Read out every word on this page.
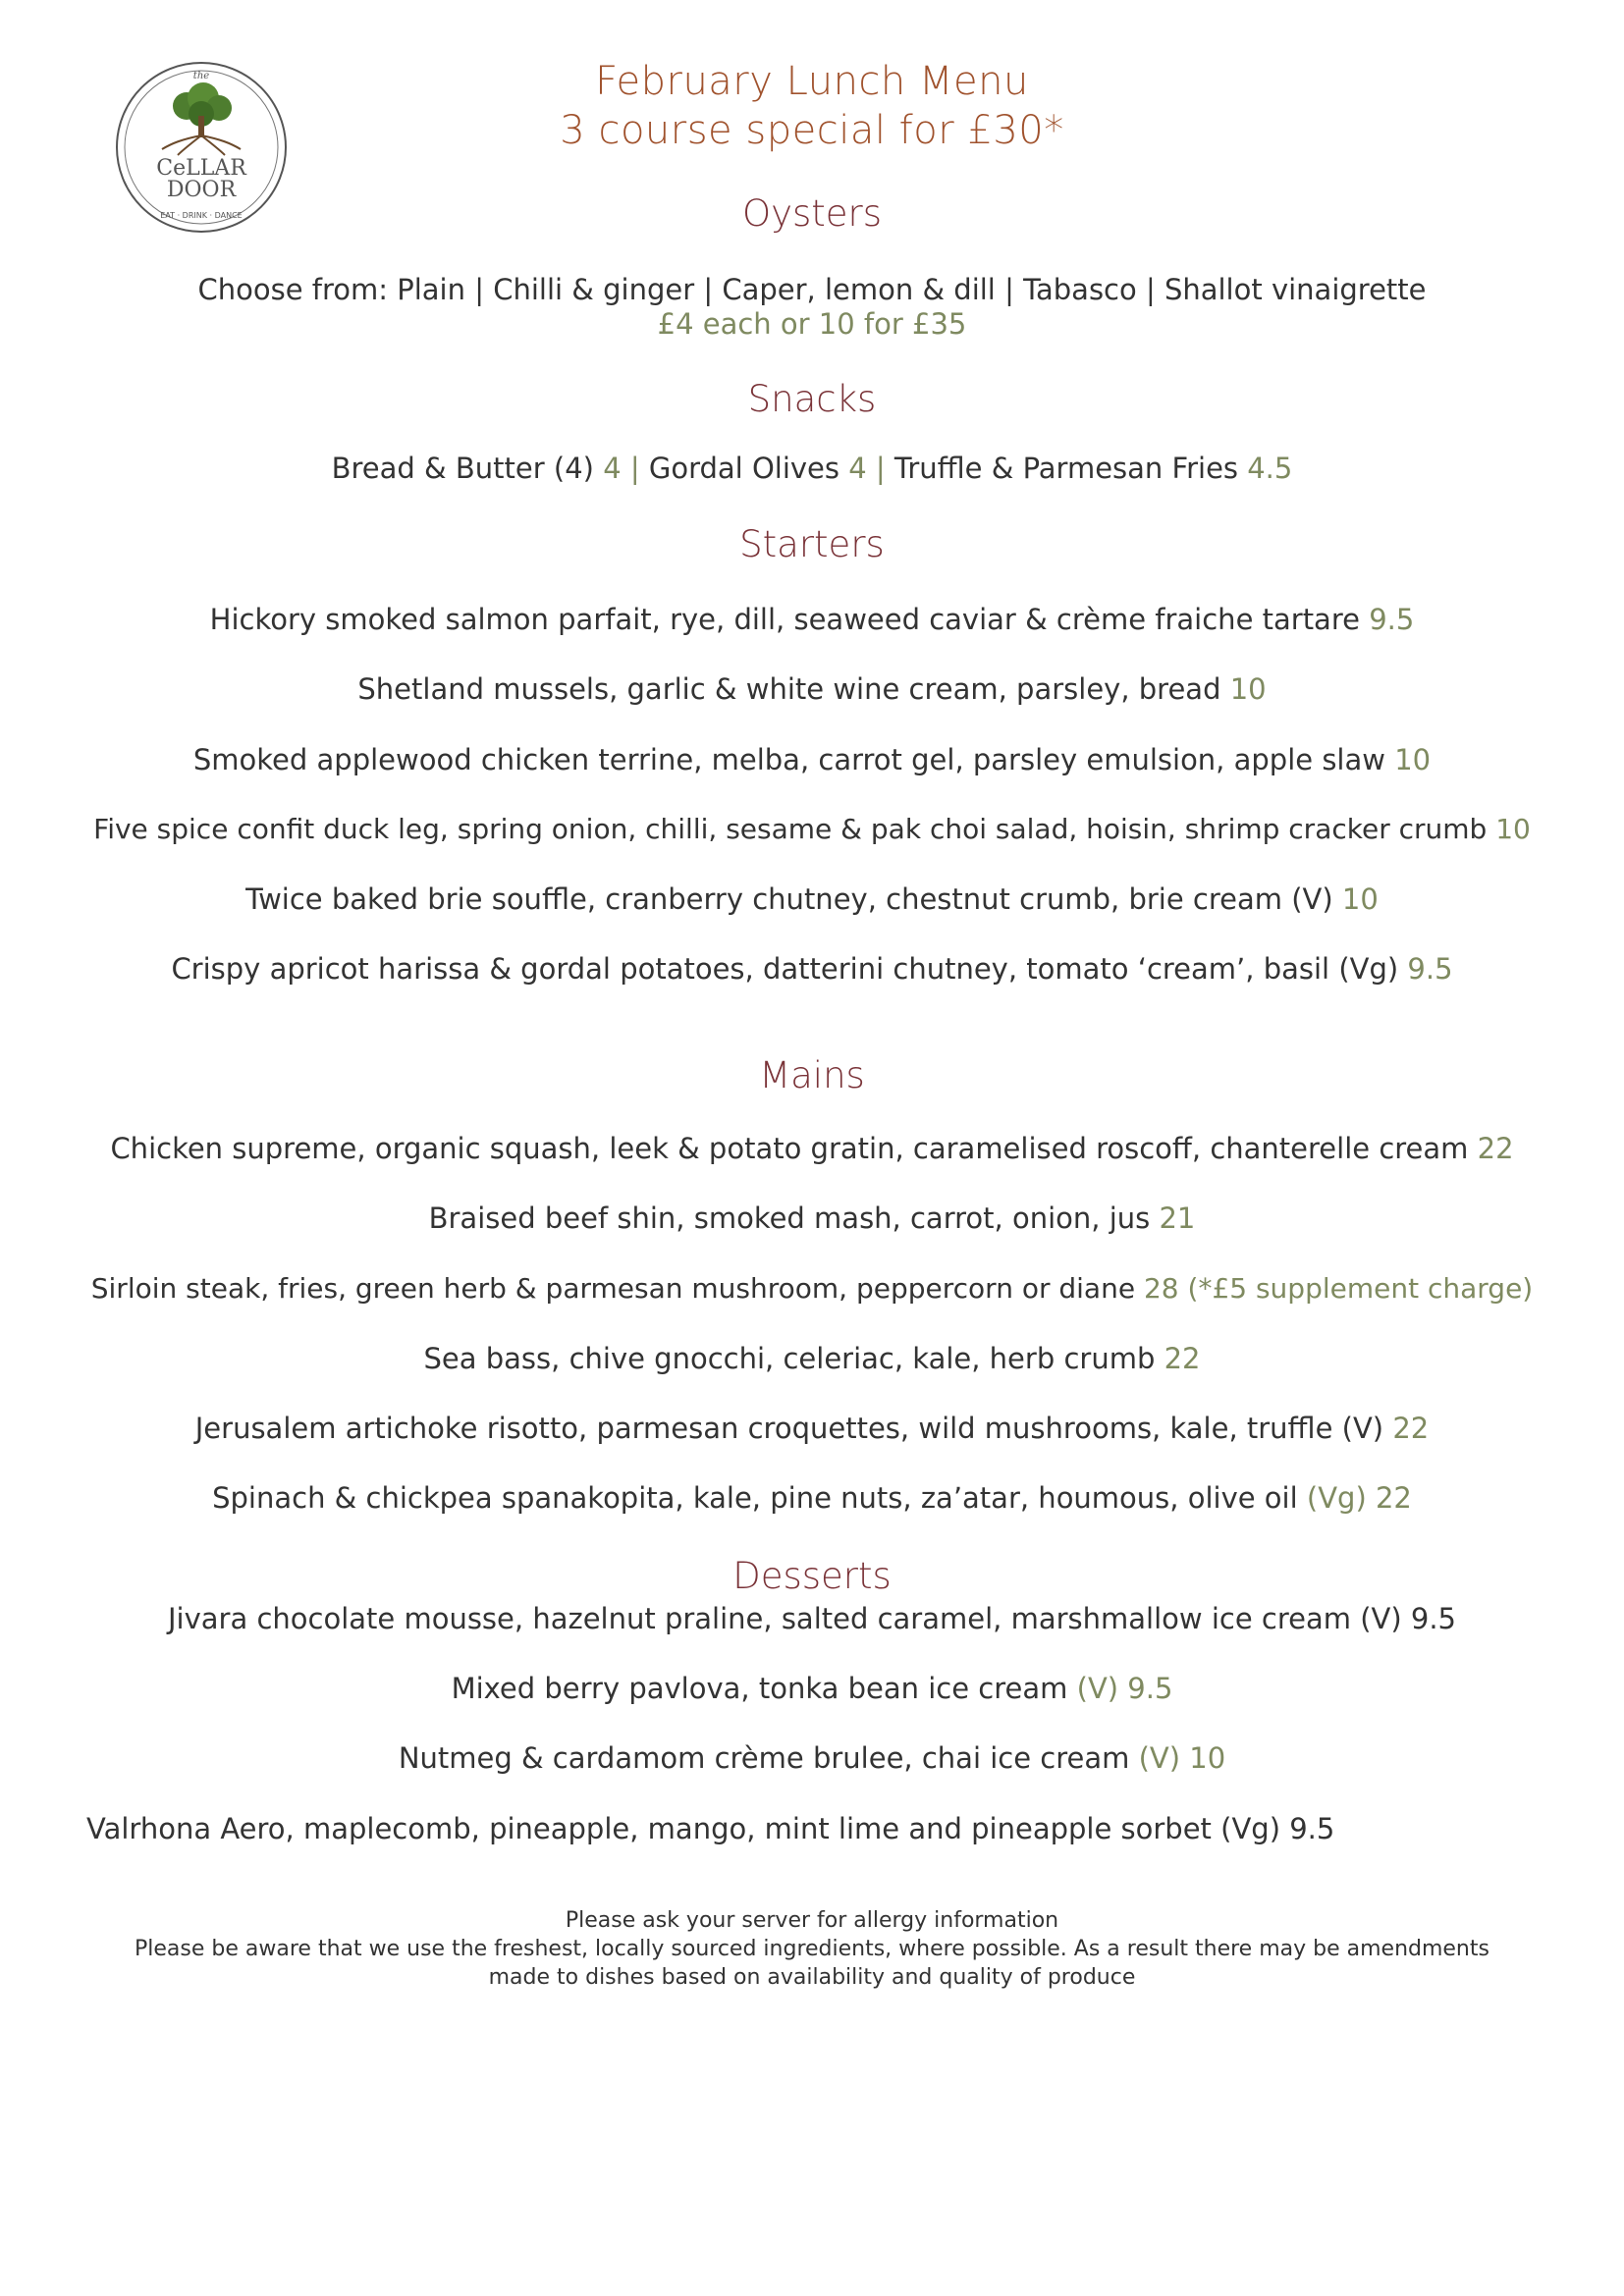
the
CeLLAR
DOOR
EAT · DRINK · DANCE
February Lunch Menu
3 course special for £30*
Oysters
Choose from: Plain | Chilli & ginger | Caper, lemon & dill | Tabasco | Shallot vinaigrette
£4 each or 10 for £35
Snacks
Bread & Butter (4) 4 | Gordal Olives 4 | Truffle & Parmesan Fries 4.5
Starters
Hickory smoked salmon parfait, rye, dill, seaweed caviar & crème fraiche tartare 9.5
Shetland mussels, garlic & white wine cream, parsley, bread 10
Smoked applewood chicken terrine, melba, carrot gel, parsley emulsion, apple slaw 10
Five spice confit duck leg, spring onion, chilli, sesame & pak choi salad, hoisin, shrimp cracker crumb 10
Twice baked brie souffle, cranberry chutney, chestnut crumb, brie cream (V) 10
Crispy apricot harissa & gordal potatoes, datterini chutney, tomato ‘cream’, basil (Vg) 9.5
Mains
Chicken supreme, organic squash, leek & potato gratin, caramelised roscoff, chanterelle cream 22
Braised beef shin, smoked mash, carrot, onion, jus 21
Sirloin steak, fries, green herb & parmesan mushroom, peppercorn or diane 28 (*£5 supplement charge)
Sea bass, chive gnocchi, celeriac, kale, herb crumb 22
Jerusalem artichoke risotto, parmesan croquettes, wild mushrooms, kale, truffle (V) 22
Spinach & chickpea spanakopita, kale, pine nuts, za’atar, houmous, olive oil (Vg) 22
Desserts
Jivara chocolate mousse, hazelnut praline, salted caramel, marshmallow ice cream (V) 9.5
Mixed berry pavlova, tonka bean ice cream (V) 9.5
Nutmeg & cardamom crème brulee, chai ice cream (V) 10
Valrhona Aero, maplecomb, pineapple, mango, mint lime and pineapple sorbet (Vg) 9.5
Please ask your server for allergy information
Please be aware that we use the freshest, locally sourced ingredients, where possible. As a result there may be amendments
made to dishes based on availability and quality of produce
